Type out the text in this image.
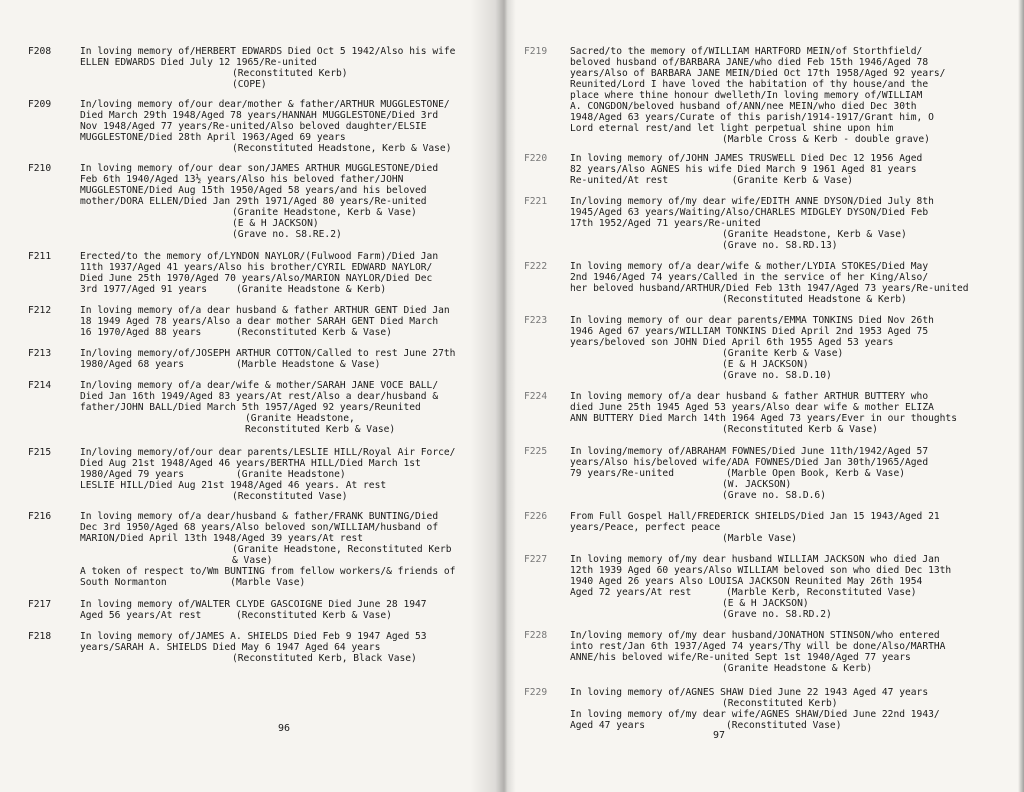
96
F208	In loving memory of/HERBERT EDWARDS Died Oct 5 1942/Also his wife
ELLEN EDWARDS Died July 12 1965/Re-united
(Reconstituted Kerb)
(COPE)
F209	In/loving memory of/our dear/mother & father/ARTHUR MUGGLESTONE/
Died March 29th 1948/Aged 78 years/HANNAH MUGGLESTONE/Died 3rd
Nov 1948/Aged 77 years/Re-united/Also beloved daughter/ELSIE
MUGGLESTONE/Died 28th April 1963/Aged 69 years
(Reconstituted Headstone, Kerb & Vase)
F210	In loving memory of/our dear son/JAMES ARTHUR MUGGLESTONE/Died
Feb 6th 1940/Aged 13½ years/Also his beloved father/JOHN
MUGGLESTONE/Died Aug 15th 1950/Aged 58 years/and his beloved
mother/DORA ELLEN/Died Jan 29th 1971/Aged 80 years/Re-united
(Granite Headstone, Kerb & Vase)
(E & H JACKSON)
(Grave no. S8.RE.2)
F211	Erected/to the memory of/LYNDON NAYLOR/(Fulwood Farm)/Died Jan
11th 1937/Aged 41 years/Also his brother/CYRIL EDWARD NAYLOR/
Died June 25th 1970/Aged 70 years/Also/MARION NAYLOR/Died Dec
3rd 1977/Aged 91 years     (Granite Headstone & Kerb)
F212	In loving memory of/a dear husband & father ARTHUR GENT Died Jan
18 1949 Aged 78 years/Also a dear mother SARAH GENT Died March
16 1970/Aged 88 years      (Reconstituted Kerb & Vase)
F213	In/loving memory/of/JOSEPH ARTHUR COTTON/Called to rest June 27th
1980/Aged 68 years         (Marble Headstone & Vase)
F214	In/loving memory of/a dear/wife & mother/SARAH JANE VOCE BALL/
Died Jan 16th 1949/Aged 83 years/At rest/Also a dear/husband &
father/JOHN BALL/Died March 5th 1957/Aged 92 years/Reunited
(Granite Headstone,
Reconstituted Kerb & Vase)
F215	In/loving memory/of/our dear parents/LESLIE HILL/Royal Air Force/
Died Aug 21st 1948/Aged 46 years/BERTHA HILL/Died March 1st
1980/Aged 79 years         (Granite Headstone)
LESLIE HILL/Died Aug 21st 1948/Aged 46 years. At rest
(Reconstituted Vase)
F216	In loving memory of/a dear/husband & father/FRANK BUNTING/Died
Dec 3rd 1950/Aged 68 years/Also beloved son/WILLIAM/husband of
MARION/Died April 13th 1948/Aged 39 years/At rest
(Granite Headstone, Reconstituted Kerb
& Vase)
A token of respect to/Wm BUNTING from fellow workers/& friends of
South Normanton           (Marble Vase)
F217	In loving memory of/WALTER CLYDE GASCOIGNE Died June 28 1947
Aged 56 years/At rest      (Reconstituted Kerb & Vase)
F218	In loving memory of/JAMES A. SHIELDS Died Feb 9 1947 Aged 53
years/SARAH A. SHIELDS Died May 6 1947 Aged 64 years
(Reconstituted Kerb, Black Vase)
97
F219 Sacred/to the memory of/WILLIAM HARTFORD MEIN/of Storthfield/
beloved husband of/BARBARA JANE/who died Feb 15th 1946/Aged 78
years/Also of BARBARA JANE MEIN/Died Oct 17th 1958/Aged 92 years/
Reunited/Lord I have loved the habitation of thy house/and the
place where thine honour dwelleth/In loving memory of/WILLIAM
A. CONGDON/beloved husband of/ANN/nee MEIN/who died Dec 30th
1948/Aged 63 years/Curate of this parish/1914-1917/Grant him, O
Lord eternal rest/and let light perpetual shine upon him
(Marble Cross & Kerb - double grave)
F220 In loving memory of/JOHN JAMES TRUSWELL Died Dec 12 1956 Aged
82 years/Also AGNES his wife Died March 9 1961 Aged 81 years
Re-united/At rest           (Granite Kerb & Vase)
F221 In/loving memory of/my dear wife/EDITH ANNE DYSON/Died July 8th
1945/Aged 63 years/Waiting/Also/CHARLES MIDGLEY DYSON/Died Feb
17th 1952/Aged 71 years/Re-united
(Granite Headstone, Kerb & Vase)
(Grave no. S8.RD.13)
F222 In loving memory of/a dear/wife & mother/LYDIA STOKES/Died May
2nd 1946/Aged 74 years/Called in the service of her King/Also/
her beloved husband/ARTHUR/Died Feb 13th 1947/Aged 73 years/Re-united
(Reconstituted Headstone & Kerb)
F223 In loving memory of our dear parents/EMMA TONKINS Died Nov 26th
1946 Aged 67 years/WILLIAM TONKINS Died April 2nd 1953 Aged 75
years/beloved son JOHN Died April 6th 1955 Aged 53 years
(Granite Kerb & Vase)
(E & H JACKSON)
(Grave no. S8.D.10)
F224 In loving memory of/a dear husband & father ARTHUR BUTTERY who
died June 25th 1945 Aged 53 years/Also dear wife & mother ELIZA
ANN BUTTERY Died March 14th 1964 Aged 73 years/Ever in our thoughts
(Reconstituted Kerb & Vase)
F225 In loving/memory of/ABRAHAM FOWNES/Died June 11th/1942/Aged 57
years/Also his/beloved wife/ADA FOWNES/Died Jan 30th/1965/Aged
79 years/Re-united         (Marble Open Book, Kerb & Vase)
(W. JACKSON)
(Grave no. S8.D.6)
F226 From Full Gospel Hall/FREDERICK SHIELDS/Died Jan 15 1943/Aged 21
years/Peace, perfect peace
(Marble Vase)
F227 In loving memory of/my dear husband WILLIAM JACKSON who died Jan
12th 1939 Aged 60 years/Also WILLIAM beloved son who died Dec 13th
1940 Aged 26 years Also LOUISA JACKSON Reunited May 26th 1954
Aged 72 years/At rest      (Marble Kerb, Reconstituted Vase)
(E & H JACKSON)
(Grave no. S8.RD.2)
F228 In/loving memory of/my dear husband/JONATHON STINSON/who entered
into rest/Jan 6th 1937/Aged 74 years/Thy will be done/Also/MARTHA
ANNE/his beloved wife/Re-united Sept 1st 1940/Aged 77 years
(Granite Headstone & Kerb)
F229 In loving memory of/AGNES SHAW Died June 22 1943 Aged 47 years
(Reconstituted Kerb)
In loving memory of/my dear wife/AGNES SHAW/Died June 22nd 1943/
Aged 47 years              (Reconstituted Vase)
